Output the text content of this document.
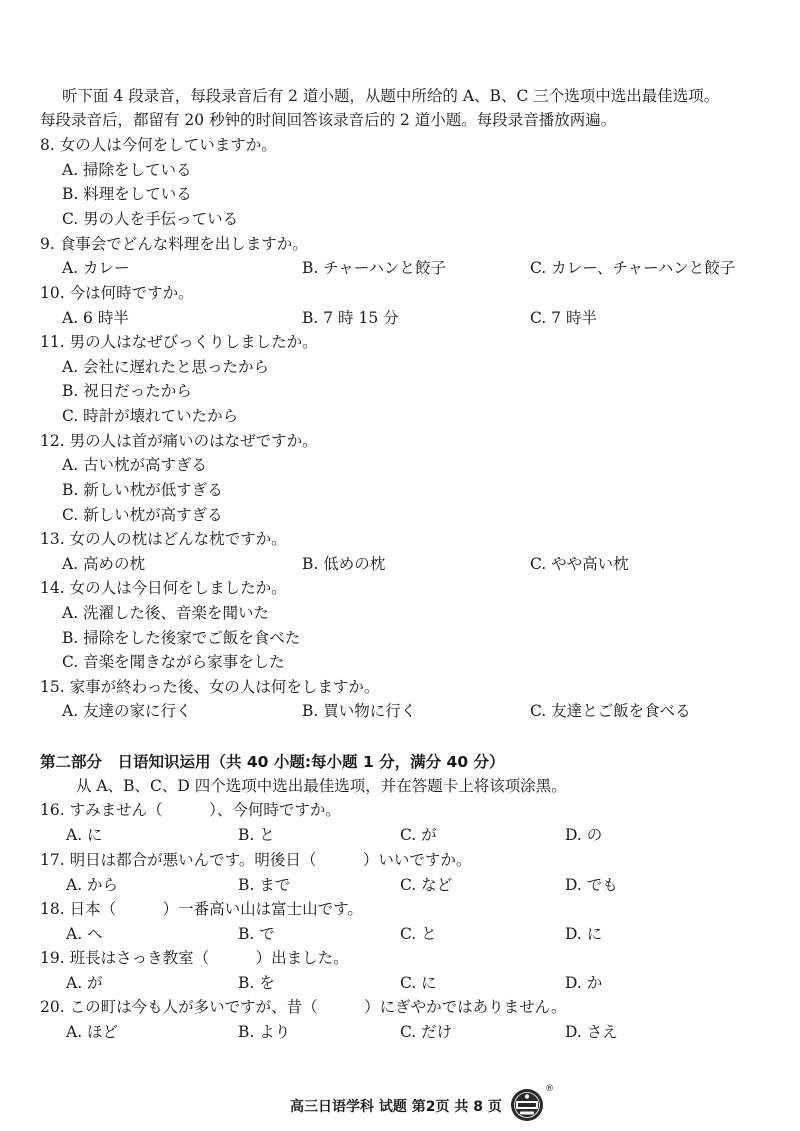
听下面 4 段录音，每段录音后有 2 道小题，从题中所给的 A、B、C 三个选项中选出最佳选项。
每段录音后，都留有 20 秒钟的时间回答该录音后的 2 道小题。每段录音播放两遍。
8. 女の人は今何をしていますか。
A. 掃除をしている
B. 料理をしている
C. 男の人を手伝っている
9. 食事会でどんな料理を出しますか。
A. カレー	B. チャーハンと餃子	C. カレー、チャーハンと餃子
10. 今は何時ですか。
A. 6 時半	B. 7 時 15 分	C. 7 時半
11. 男の人はなぜびっくりしましたか。
A. 会社に遅れたと思ったから
B. 祝日だったから
C. 時計が壊れていたから
12. 男の人は首が痛いのはなぜですか。
A. 古い枕が高すぎる
B. 新しい枕が低すぎる
C. 新しい枕が高すぎる
13. 女の人の枕はどんな枕ですか。
A. 高めの枕	B. 低めの枕	C. やや高い枕
14. 女の人は今日何をしましたか。
A. 洗濯した後、音楽を聞いた
B. 掃除をした後家でご飯を食べた
C. 音楽を聞きながら家事をした
15. 家事が終わった後、女の人は何をしますか。
A. 友達の家に行く	B. 買い物に行く	C. 友達とご飯を食べる
第二部分　日语知识运用（共 40 小题:每小题 1 分，满分 40 分）
从 A、B、C、D 四个选项中选出最佳选项，并在答题卡上将该项涂黑。
16. すみません（　　　）、今何時ですか。
A. に	B. と	C. が	D. の
17. 明日は都合が悪いんです。明後日（　　　）いいですか。
A. から	B. まで	C. など	D. でも
18. 日本（　　　）一番高い山は富士山です。
A. へ	B. で	C. と	D. に
19. 班長はさっき教室（　　　）出ました。
A. が	B. を	C. に	D. か
20. この町は今も人が多いですが、昔（　　　）にぎやかではありません。
A. ほど	B. より	C. だけ	D. さえ
高三日语学科 试题 第2页 共 8 页
®
